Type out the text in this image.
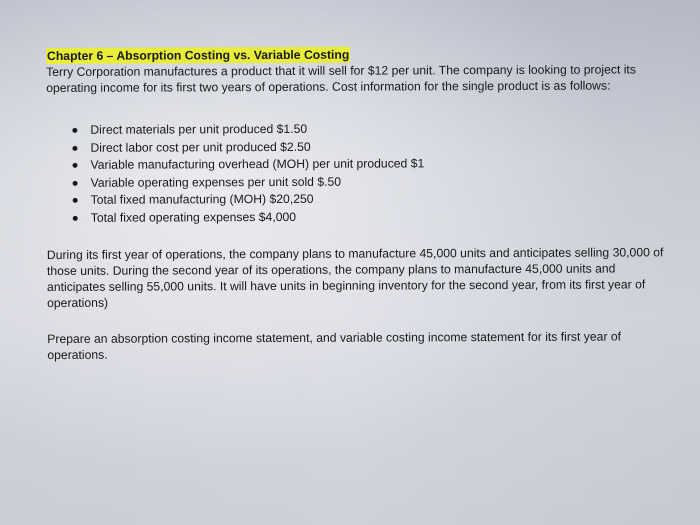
Chapter 6 – Absorption Costing vs. Variable Costing

Terry Corporation manufactures a product that it will sell for $12 per unit. The company is looking to project its operating income for its first two years of operations. Cost information for the single product is as follows:

Direct materials per unit produced $1.50
Direct labor cost per unit produced $2.50
Variable manufacturing overhead (MOH) per unit produced $1
Variable operating expenses per unit sold $.50
Total fixed manufacturing (MOH) $20,250
Total fixed operating expenses $4,000

During its first year of operations, the company plans to manufacture 45,000 units and anticipates selling 30,000 of those units. During the second year of its operations, the company plans to manufacture 45,000 units and anticipates selling 55,000 units. It will have units in beginning inventory for the second year, from its first year of operations)

Prepare an absorption costing income statement, and variable costing income statement for its first year of operations.
